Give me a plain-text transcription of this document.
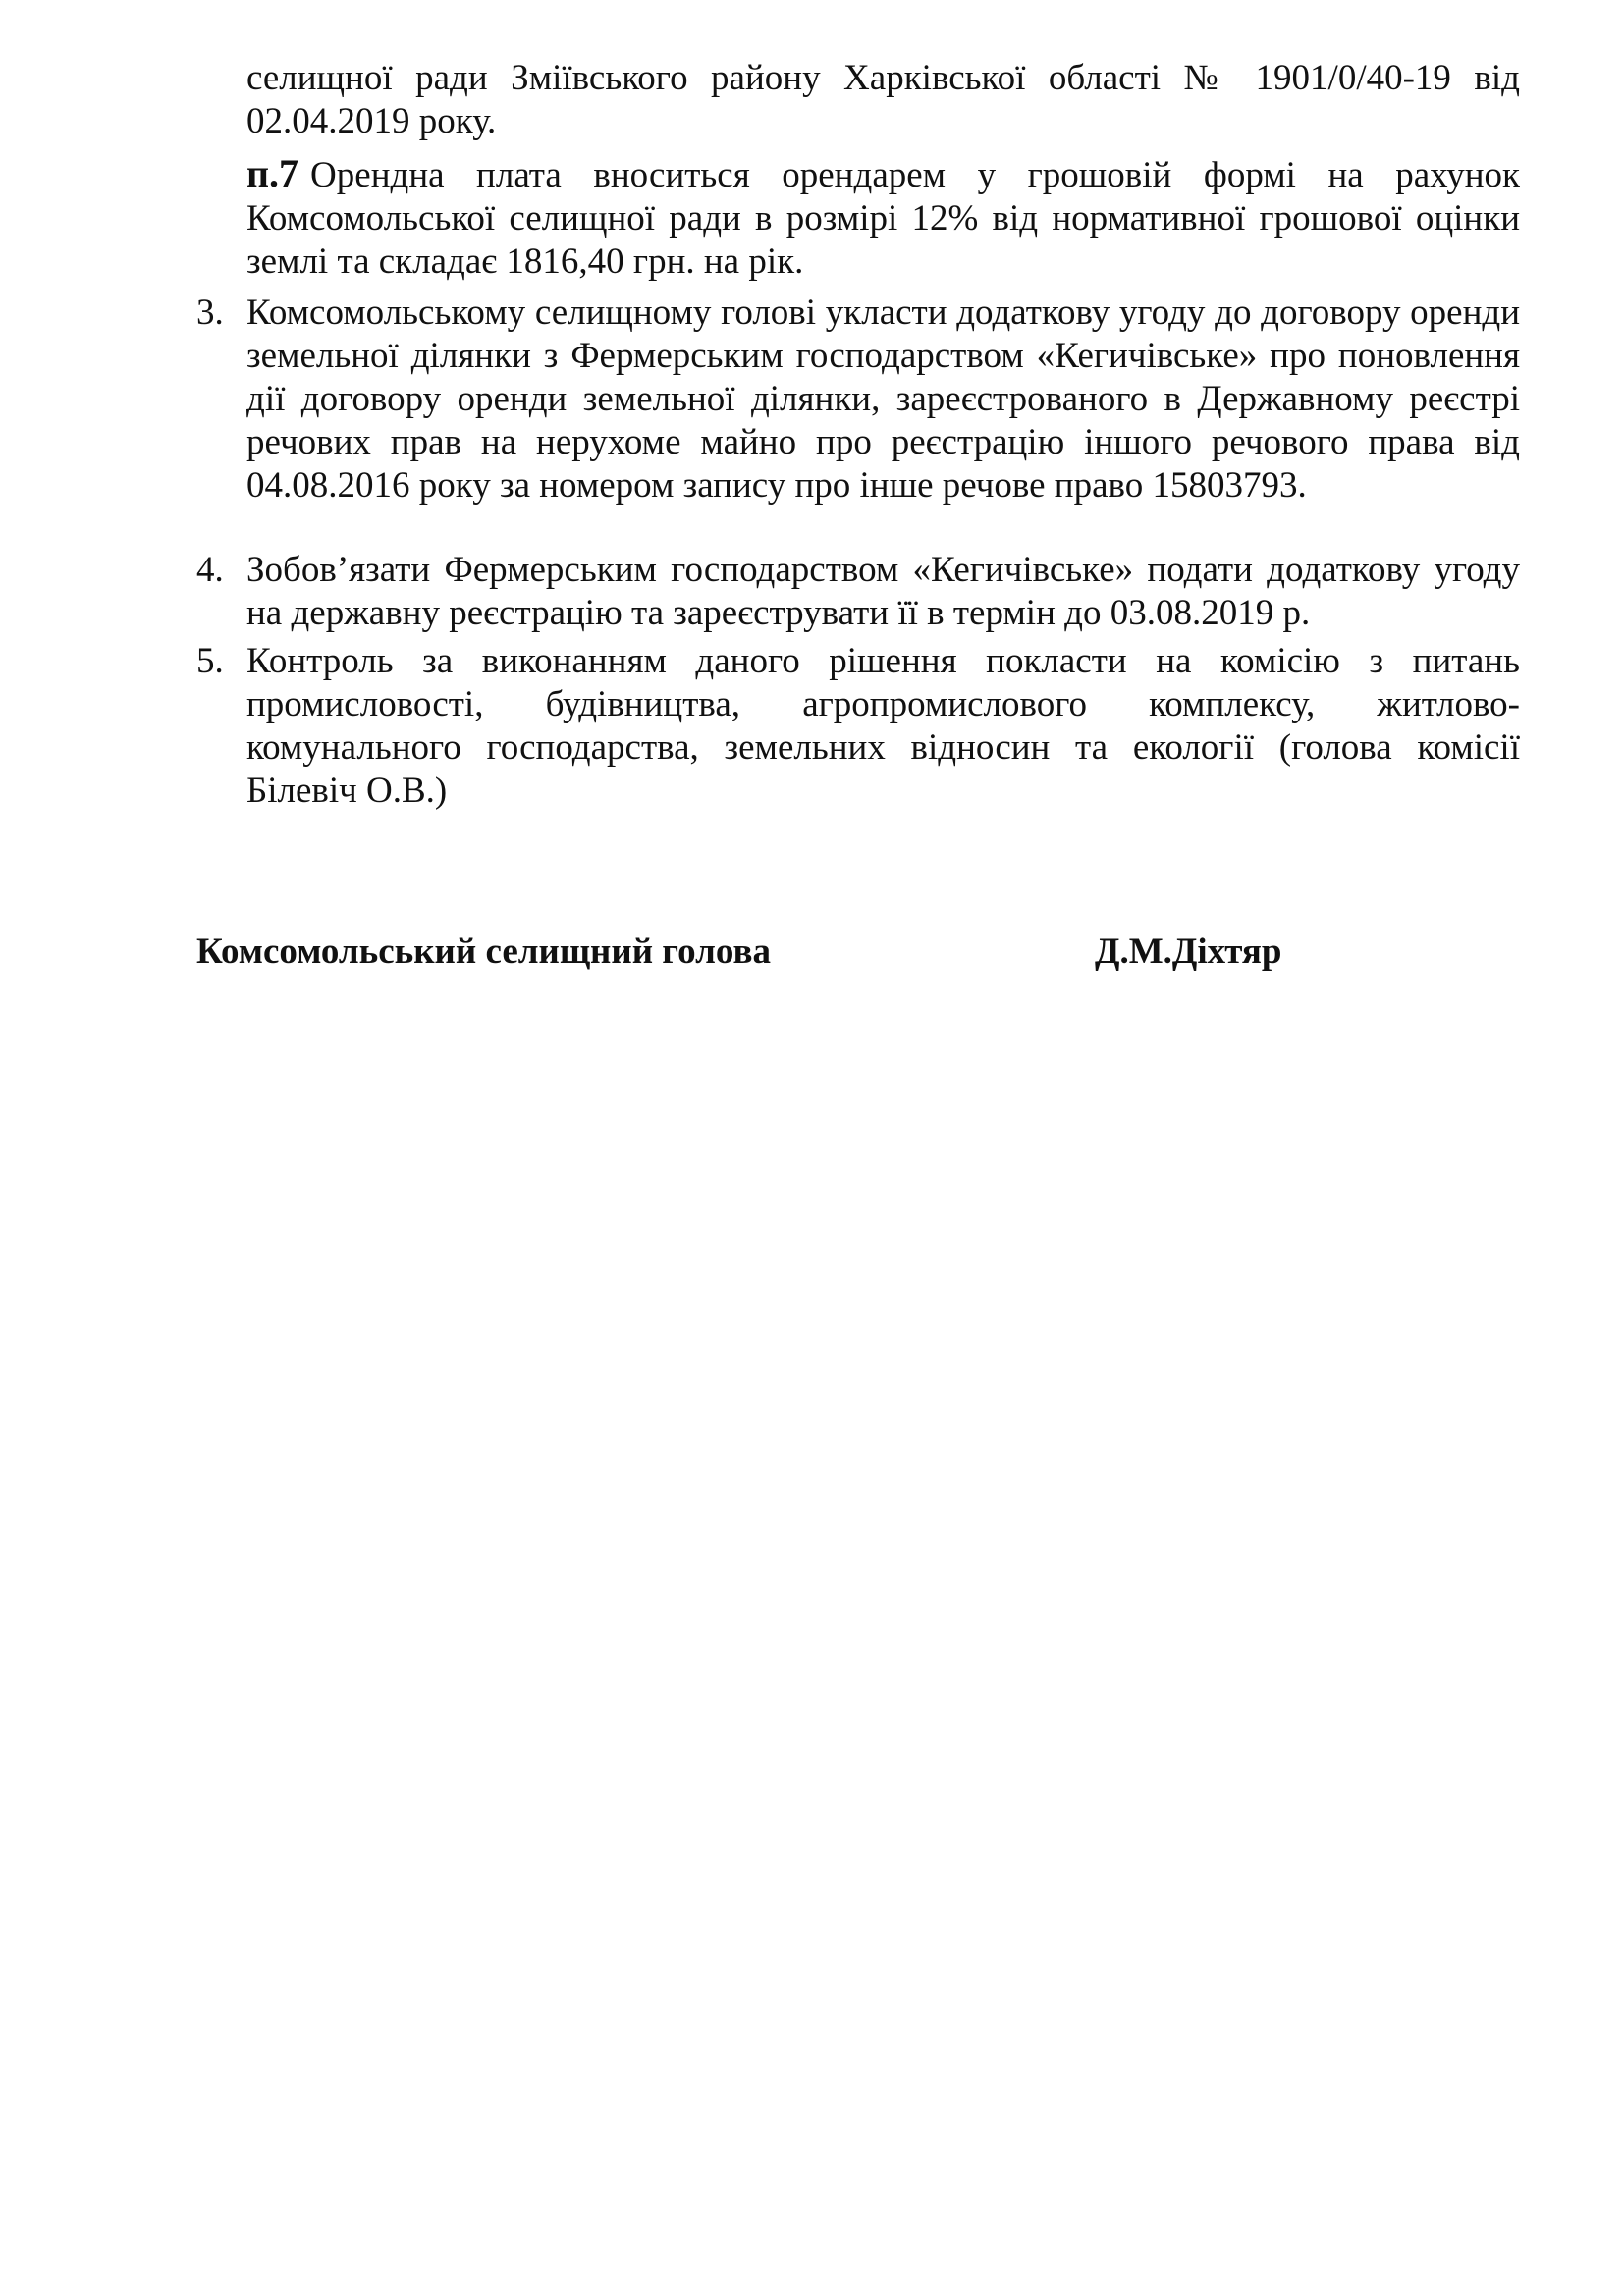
селищної ради Зміївського району Харківської області № 1901/0/40-19 від 02.04.2019 року.

п.7 Орендна плата вноситься орендарем у грошовій формі на рахунок Комсомольської селищної ради в розмірі 12% від нормативної грошової оцінки землі та складає 1816,40 грн. на рік.

3. Комсомольському селищному голові укласти додаткову угоду до договору оренди земельної ділянки з Фермерським господарством «Кегичівське» про поновлення дії договору оренди земельної ділянки, зареєстрованого в Державному реєстрі речових прав на нерухоме майно про реєстрацію іншого речового права від 04.08.2016 року за номером запису про інше речове право 15803793.
4. Зобов’язати Фермерським господарством «Кегичівське» подати додаткову угоду на державну реєстрацію та зареєструвати її в термін до 03.08.2019 р.
5. Контроль за виконанням даного рішення покласти на комісію з питань промисловості, будівництва, агропромислового комплексу, житлово-комунального господарства, земельних відносин та екології (голова комісії Білевіч О.В.)
Комсомольський селищний голова	Д.М.Діхтяр
